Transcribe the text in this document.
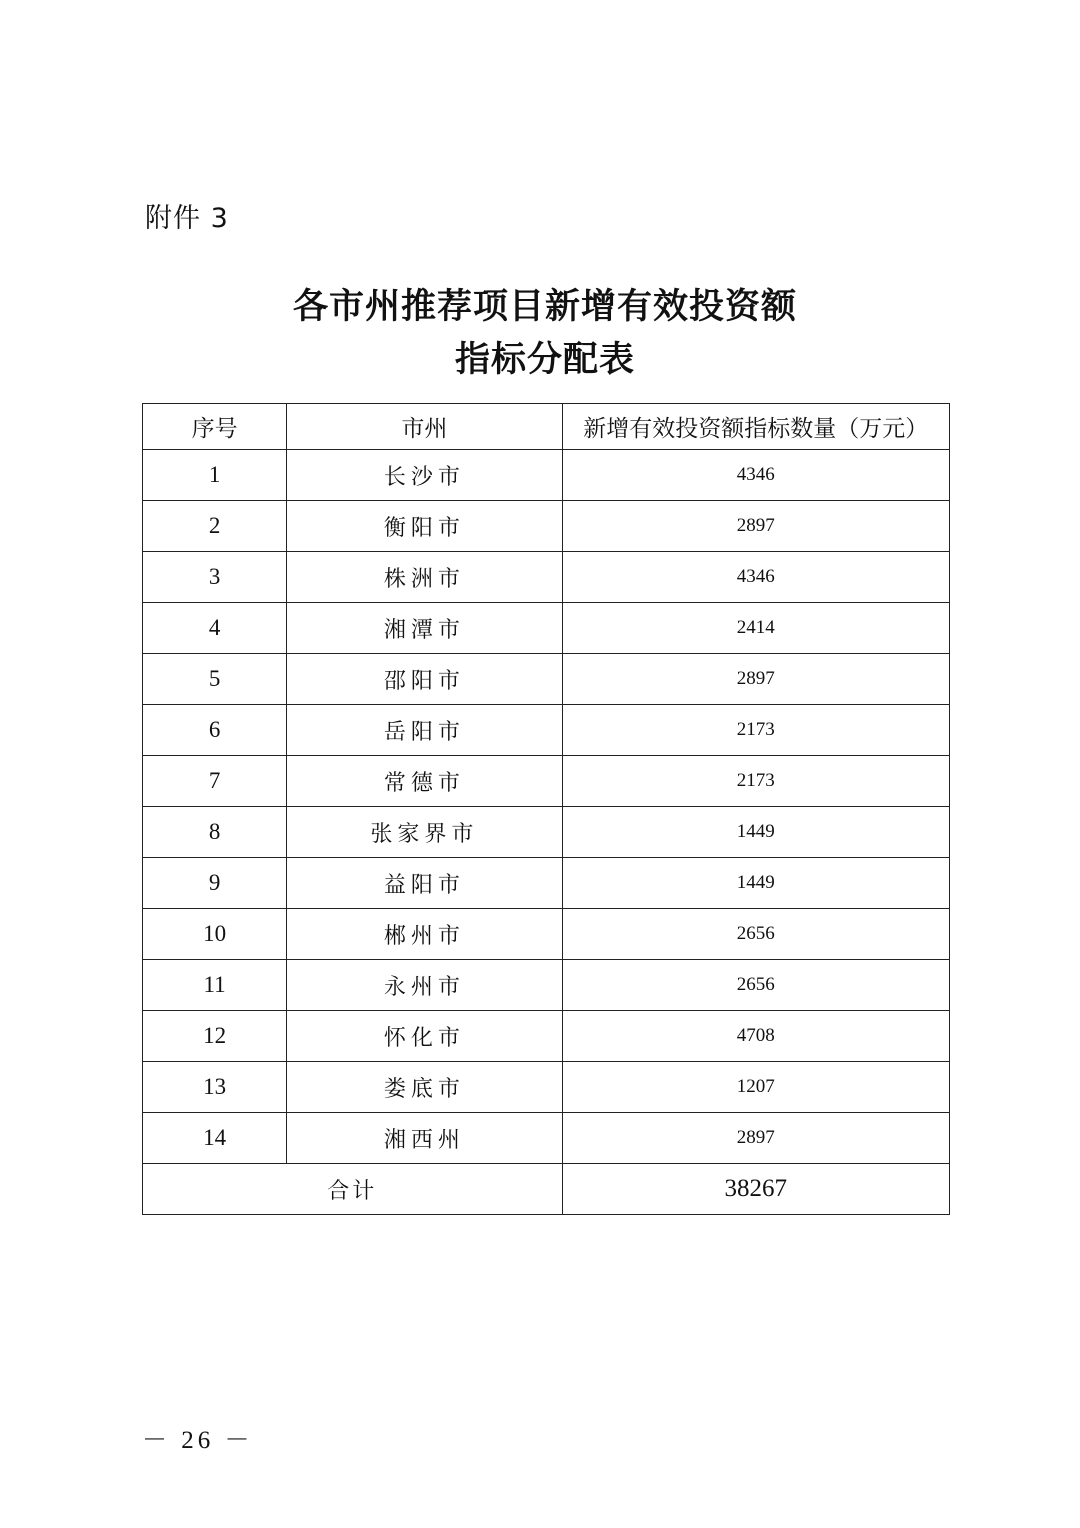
附件 3
各市州推荐项目新增有效投资额
指标分配表
序号	市州	新增有效投资额指标数量（万元）
1	长沙市	4346
2	衡阳市	2897
3	株洲市	4346
4	湘潭市	2414
5	邵阳市	2897
6	岳阳市	2173
7	常德市	2173
8	张家界市	1449
9	益阳市	1449
10	郴州市	2656
11	永州市	2656
12	怀化市	4708
13	娄底市	1207
14	湘西州	2897
合计		38267
－ 26 －
